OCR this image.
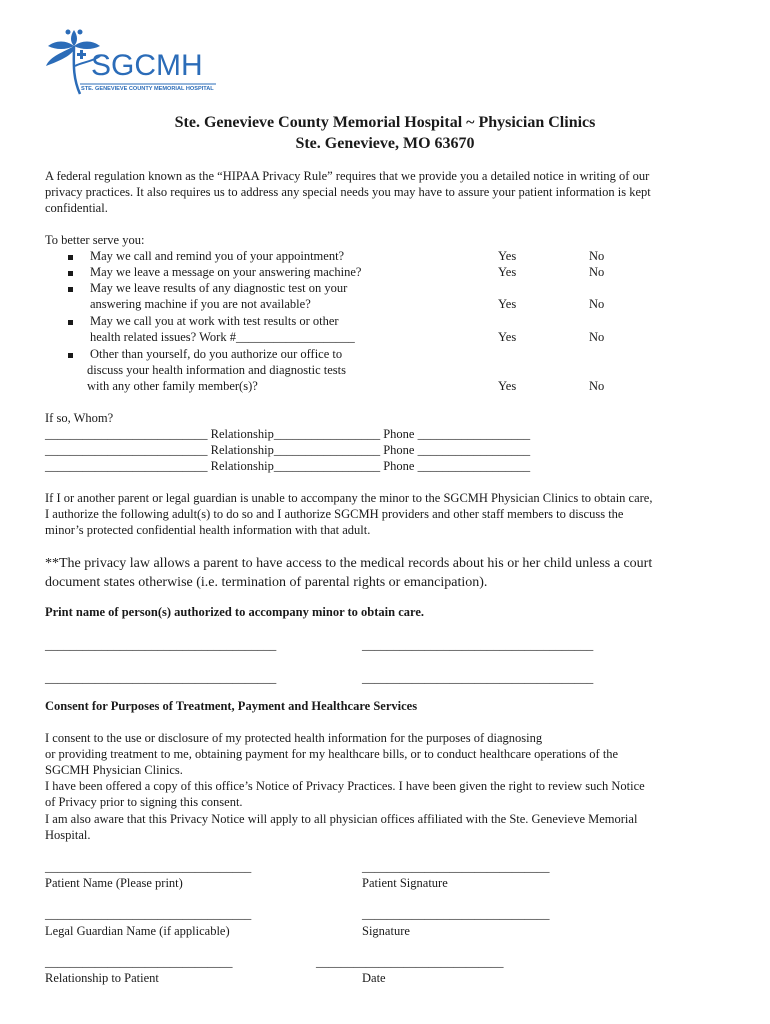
SGCMH
STE. GENEVIEVE COUNTY MEMORIAL HOSPITAL
Ste. Genevieve County Memorial Hospital ~ Physician Clinics
Ste. Genevieve, MO 63670
A federal regulation known as the “HIPAA Privacy Rule” requires that we provide you a detailed notice in writing of our
privacy practices. It also requires us to address any special needs you may have to assure your patient information is kept
confidential.
To better serve you:
May we call and remind you of your appointment?	Yes	No
May we leave a message on your answering machine?	Yes	No
May we leave results of any diagnostic test on your
answering machine if you are not available?	Yes	No
May we call you at work with test results or other
health related issues? Work #___________________	Yes	No
Other than yourself, do you authorize our office to
discuss your health information and diagnostic tests
with any other family member(s)?	Yes	No
If so, Whom?
__________________________ Relationship_________________ Phone __________________
__________________________ Relationship_________________ Phone __________________
__________________________ Relationship_________________ Phone __________________
If I or another parent or legal guardian is unable to accompany the minor to the SGCMH Physician Clinics to obtain care,
I authorize the following adult(s) to do so and I authorize SGCMH providers and other staff members to discuss the
minor’s protected confidential health information with that adult.
**The privacy law allows a parent to have access to the medical records about his or her child unless a court
document states otherwise (i.e. termination of parental rights or emancipation).
Print name of person(s) authorized to accompany minor to obtain care.
_____________________________________	_____________________________________
_____________________________________	_____________________________________
Consent for Purposes of Treatment, Payment and Healthcare Services
I consent to the use or disclosure of my protected health information for the purposes of diagnosing
or providing treatment to me, obtaining payment for my healthcare bills, or to conduct healthcare operations of the
SGCMH Physician Clinics.
I have been offered a copy of this office’s Notice of Privacy Practices. I have been given the right to review such Notice
of Privacy prior to signing this consent.
I am also aware that this Privacy Notice will apply to all physician offices affiliated with the Ste. Genevieve Memorial
Hospital.
_________________________________	______________________________
Patient Name (Please print)	Patient Signature
_________________________________	______________________________
Legal Guardian Name (if applicable)	Signature
______________________________	______________________________
Relationship to Patient	Date
